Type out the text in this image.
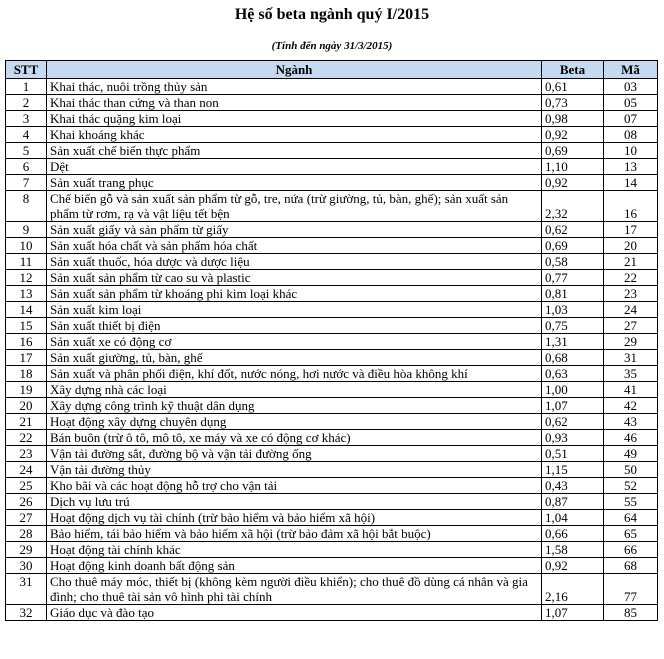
Hệ số beta ngành quý I/2015
(Tính đến ngày 31/3/2015)
STT	Ngành	Beta	Mã
1	Khai thác, nuôi trồng thủy sản	0,61	03
2	Khai thác than cứng và than non	0,73	05
3	Khai thác quặng kim loại	0,98	07
4	Khai khoáng khác	0,92	08
5	Sản xuất chế biến thực phẩm	0,69	10
6	Dệt	1,10	13
7	Sản xuất trang phục	0,92	14
8	Chế biến gỗ và sản xuất sản phẩm từ gỗ, tre, nứa (trừ giường, tủ, bàn, ghế); sản xuất sản phẩm từ rơm, rạ và vật liệu tết bện	2,32	16
9	Sản xuất giấy và sản phẩm từ giấy	0,62	17
10	Sản xuất hóa chất và sản phẩm hóa chất	0,69	20
11	Sản xuất thuốc, hóa dược và dược liệu	0,58	21
12	Sản xuất sản phẩm từ cao su và plastic	0,77	22
13	Sản xuất sản phẩm từ khoáng phi kim loại khác	0,81	23
14	Sản xuất kim loại	1,03	24
15	Sản xuất thiết bị điện	0,75	27
16	Sản xuất xe có động cơ	1,31	29
17	Sản xuất giường, tủ, bàn, ghế	0,68	31
18	Sản xuất và phân phối điện, khí đốt, nước nóng, hơi nước và điều hòa không khí	0,63	35
19	Xây dựng nhà các loại	1,00	41
20	Xây dựng công trình kỹ thuật dân dụng	1,07	42
21	Hoạt động xây dựng chuyên dụng	0,62	43
22	Bán buôn (trừ ô tô, mô tô, xe máy và xe có động cơ khác)	0,93	46
23	Vận tải đường sắt, đường bộ và vận tải đường ống	0,51	49
24	Vận tải đường thủy	1,15	50
25	Kho bãi và các hoạt động hỗ trợ cho vận tải	0,43	52
26	Dịch vụ lưu trú	0,87	55
27	Hoạt động dịch vụ tài chính (trừ bảo hiểm và bảo hiểm xã hội)	1,04	64
28	Bảo hiểm, tái bảo hiểm và bảo hiểm xã hội (trừ bảo đảm xã hội bắt buộc)	0,66	65
29	Hoạt động tài chính khác	1,58	66
30	Hoạt động kinh doanh bất động sản	0,92	68
31	Cho thuê máy móc, thiết bị (không kèm người điều khiển); cho thuê đồ dùng cá nhân và gia đình; cho thuê tài sản vô hình phi tài chính	2,16	77
32	Giáo dục và đào tạo	1,07	85
